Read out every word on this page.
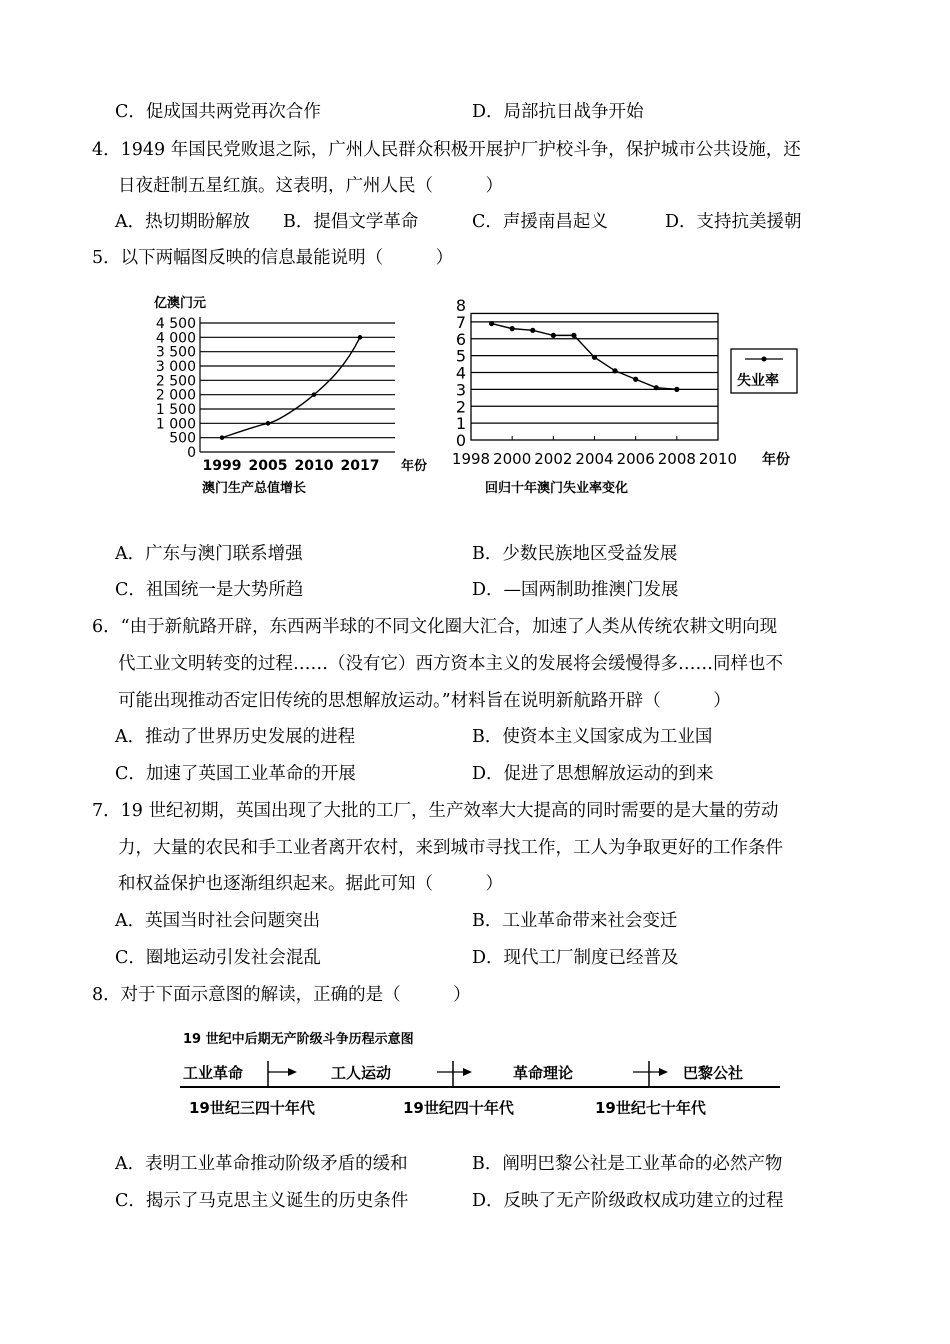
C．促成国共两党再次合作	D．局部抗日战争开始
4．1949 年国民党败退之际，广州人民群众积极开展护厂护校斗争，保护城市公共设施，还
日夜赶制五星红旗。这表明，广州人民（　　　）
A．热切期盼解放 B．提倡文学革命	C．声援南昌起义	D．支持抗美援朝
5．以下两幅图反映的信息最能说明（　　　）
亿澳门元
0
500
1 000
1 500
2 000
2 500
3 000
3 500
4 000
4 500
1999 2005 2010 2017 年份
澳门生产总值增长
0
1
2
3
4
5
6
7
8
1998 2000 2002 2004 2006 2008 2010 年份
失业率
回归十年澳门失业率变化
A．广东与澳门联系增强	B．少数民族地区受益发展
C．祖国统一是大势所趋	D．—国两制助推澳门发展
6．“由于新航路开辟，东西两半球的不同文化圈大汇合，加速了人类从传统农耕文明向现
代工业文明转变的过程……（没有它）西方资本主义的发展将会缓慢得多……同样也不
可能出现推动否定旧传统的思想解放运动。”材料旨在说明新航路开辟（　　　）
A．推动了世界历史发展的进程	B．使资本主义国家成为工业国
C．加速了英国工业革命的开展	D．促进了思想解放运动的到来
7．19 世纪初期，英国出现了大批的工厂，生产效率大大提高的同时需要的是大量的劳动
力，大量的农民和手工业者离开农村，来到城市寻找工作，工人为争取更好的工作条件
和权益保护也逐渐组织起来。据此可知（　　　）
A．英国当时社会问题突出	B．工业革命带来社会变迁
C．圈地运动引发社会混乱	D．现代工厂制度已经普及
8．对于下面示意图的解读，正确的是（　　　）
19 世纪中后期无产阶级斗争历程示意图
工业革命	工人运动	革命理论	巴黎公社
19世纪三四十年代	19世纪四十年代	19世纪七十年代
A．表明工业革命推动阶级矛盾的缓和	B．阐明巴黎公社是工业革命的必然产物
C．揭示了马克思主义诞生的历史条件	D．反映了无产阶级政权成功建立的过程
